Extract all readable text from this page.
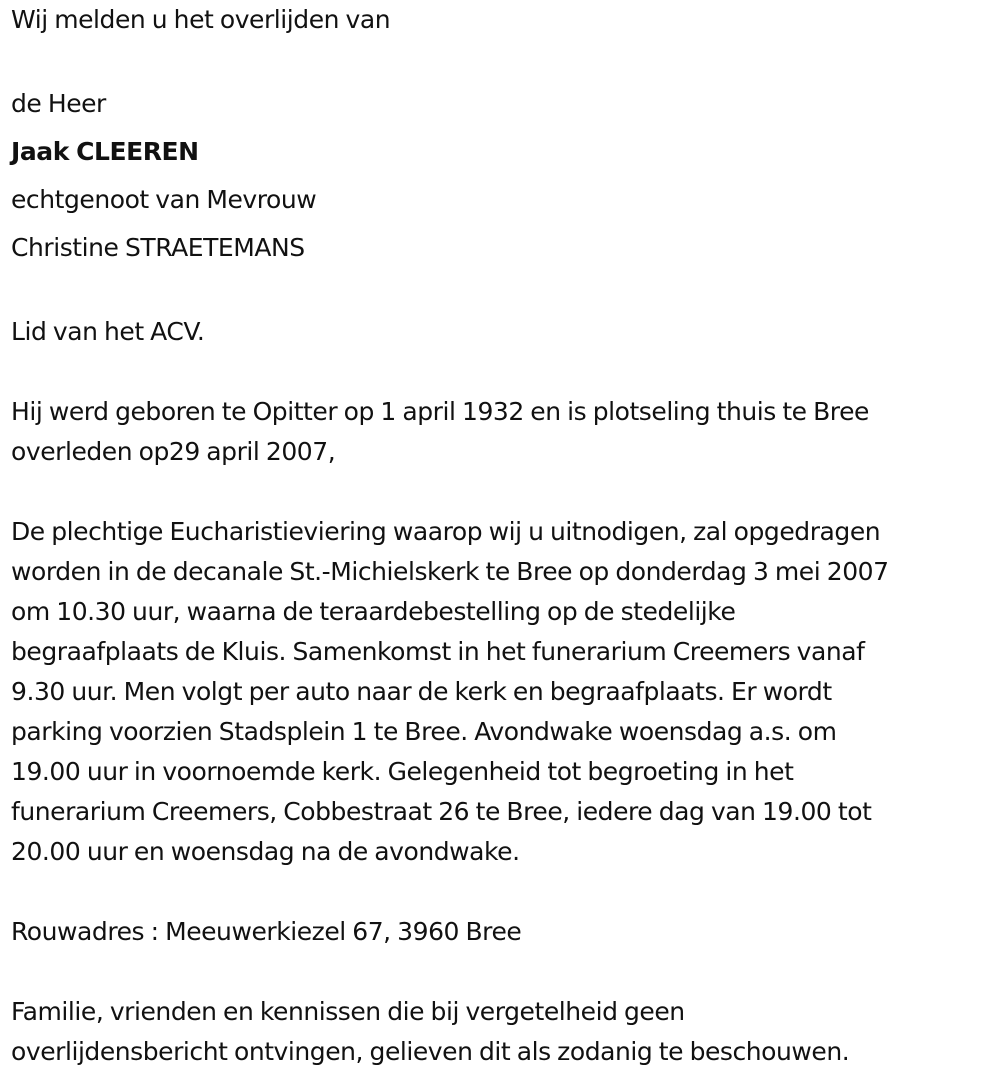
Wij melden u het overlijden van
de Heer
Jaak CLEEREN
echtgenoot van Mevrouw
Christine STRAETEMANS
Lid van het ACV.
Hij werd geboren te Opitter op 1 april 1932 en is plotseling thuis te Bree
overleden op29 april 2007,
De plechtige Eucharistieviering waarop wij u uitnodigen, zal opgedragen
worden in de decanale St.-Michielskerk te Bree op donderdag 3 mei 2007
om 10.30 uur, waarna de teraardebestelling op de stedelijke
begraafplaats de Kluis. Samenkomst in het funerarium Creemers vanaf
9.30 uur. Men volgt per auto naar de kerk en begraafplaats. Er wordt
parking voorzien Stadsplein 1 te Bree. Avondwake woensdag a.s. om
19.00 uur in voornoemde kerk. Gelegenheid tot begroeting in het
funerarium Creemers, Cobbestraat 26 te Bree, iedere dag van 19.00 tot
20.00 uur en woensdag na de avondwake.
Rouwadres : Meeuwerkiezel 67, 3960 Bree
Familie, vrienden en kennissen die bij vergetelheid geen
overlijdensbericht ontvingen, gelieven dit als zodanig te beschouwen.
